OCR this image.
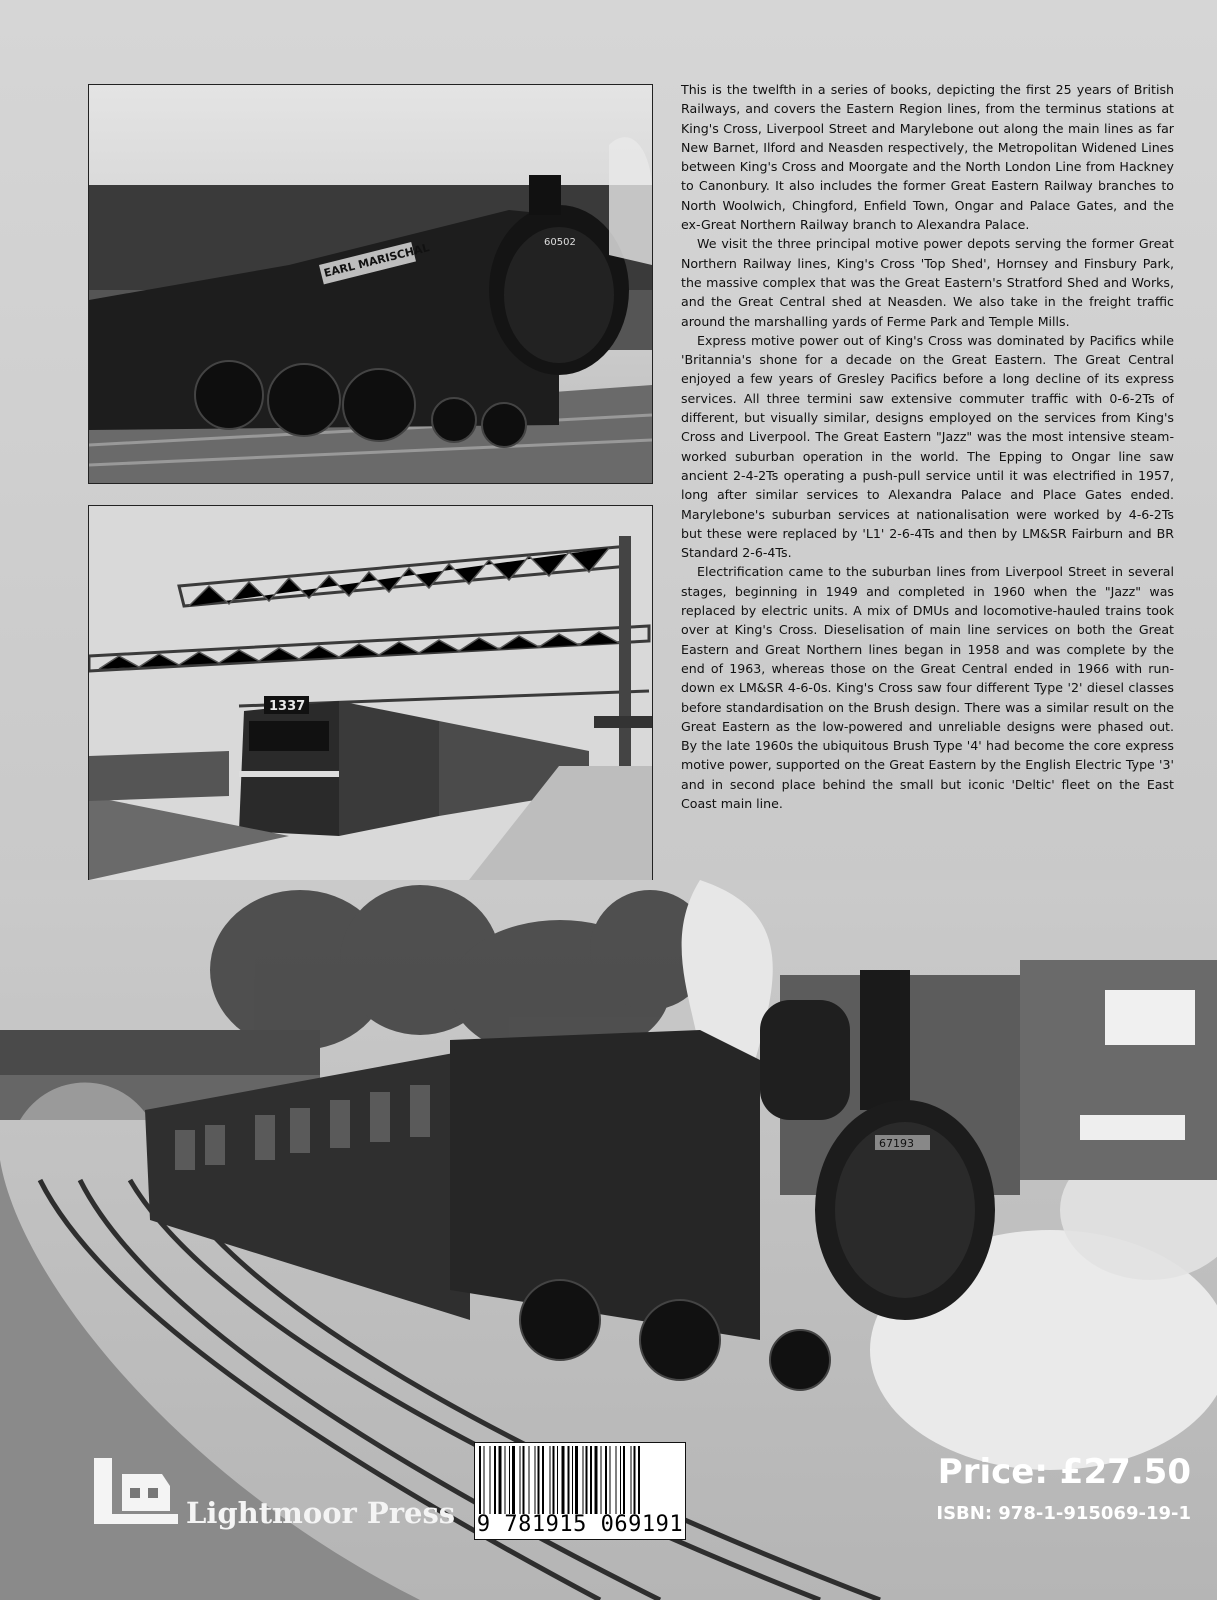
EARL MARISCHAL	60502
1337
67193

This is the twelfth in a series of books, depicting the first 25 years of British Railways, and covers the Eastern Region lines, from the terminus stations at King's Cross, Liverpool Street and Marylebone out along the main lines as far New Barnet, Ilford and Neasden respectively, the Metropolitan Widened Lines between King's Cross and Moorgate and the North London Line from Hackney to Canonbury. It also includes the former Great Eastern Railway branches to North Woolwich, Chingford, Enfield Town, Ongar and Palace Gates, and the ex-Great Northern Railway branch to Alexandra Palace.

We visit the three principal motive power depots serving the former Great Northern Railway lines, King's Cross 'Top Shed', Hornsey and Finsbury Park, the massive complex that was the Great Eastern's Stratford Shed and Works, and the Great Central shed at Neasden. We also take in the freight traffic around the marshalling yards of Ferme Park and Temple Mills.

Express motive power out of King's Cross was dominated by Pacifics while 'Britannia's shone for a decade on the Great Eastern. The Great Central enjoyed a few years of Gresley Pacifics before a long decline of its express services. All three termini saw extensive commuter traffic with 0-6-2Ts of different, but visually similar, designs employed on the services from King's Cross and Liverpool. The Great Eastern "Jazz" was the most intensive steam-worked suburban operation in the world. The Epping to Ongar line saw ancient 2-4-2Ts operating a push-pull service until it was electrified in 1957, long after similar services to Alexandra Palace and Place Gates ended. Marylebone's suburban services at nationalisation were worked by 4-6-2Ts but these were replaced by 'L1' 2-6-4Ts and then by LM&SR Fairburn and BR Standard 2-6-4Ts.

Electrification came to the suburban lines from Liverpool Street in several stages, beginning in 1949 and completed in 1960 when the "Jazz" was replaced by electric units. A mix of DMUs and locomotive-hauled trains took over at King's Cross. Dieselisation of main line services on both the Great Eastern and Great Northern lines began in 1958 and was complete by the end of 1963, whereas those on the Great Central ended in 1966 with run-down ex LM&SR 4-6-0s. King's Cross saw four different Type '2' diesel classes before standardisation on the Brush design. There was a similar result on the Great Eastern as the low-powered and unreliable designs were phased out. By the late 1960s the ubiquitous Brush Type '4' had become the core express motive power, supported on the Great Eastern by the English Electric Type '3' and in second place behind the small but iconic 'Deltic' fleet on the East Coast main line.

Lightmoor Press 9 781915 069191
Price: £27.50
ISBN: 978-1-915069-19-1
